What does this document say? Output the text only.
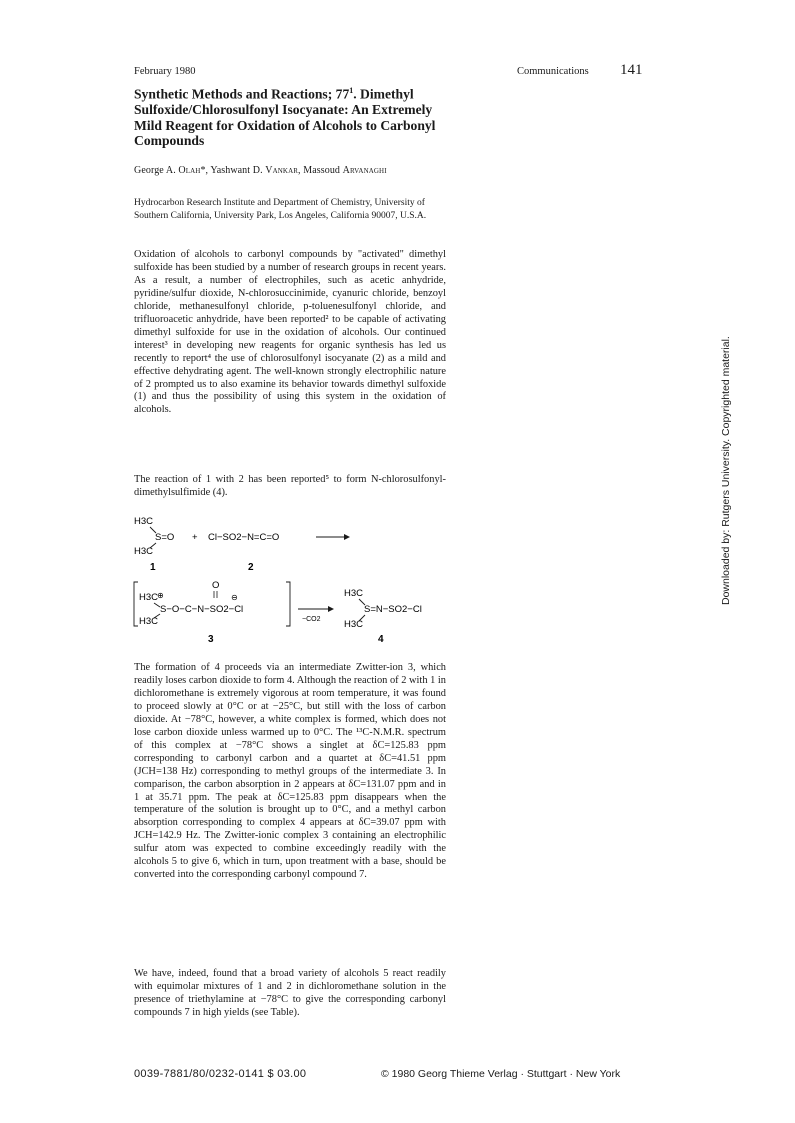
February 1980	Communications 141
Synthetic Methods and Reactions; $77^1$. Dimethyl Sulfoxide/Chlorosulfonyl Isocyanate: An Extremely Mild Reagent for Oxidation of Alcohols to Carbonyl Compounds
George A. Olah*, Yashwant D. Vankar, Massoud Arvanaghi
Hydrocarbon Research Institute and Department of Chemistry, University of Southern California, University Park, Los Angeles, California 90007, U.S.A.

Oxidation of alcohols to carbonyl compounds by "activated" dimethyl sulfoxide has been studied by a number of research groups in recent years. As a result, a number of electrophiles, such as acetic anhydride, pyridine/sulfur dioxide, N-chlorosuccinimide, cyanuric chloride, benzoyl chloride, methanesulfonyl chloride, p-toluenesulfonyl chloride, and trifluoroacetic anhydride, have been reported² to be capable of activating dimethyl sulfoxide for use in the oxidation of alcohols. Our continued interest³ in developing new reagents for organic synthesis has led us recently to report⁴ the use of chlorosulfonyl isocyanate (2) as a mild and effective dehydrating agent. The well-known strongly electrophilic nature of 2 prompted us to also examine its behavior towards dimethyl sulfoxide (1) and thus the possibility of using this system in the oxidation of alcohols.

The reaction of 1 with 2 has been reported⁵ to form N-chlorosulfonyl-dimethylsulfimide (4).

H3C
S=O
H3C
+ Cl−SO2−N=C=O
1	2
H3C
⊕
O
⊖
S−O−C−N−SO2−Cl
H3C
3
−CO2
H3C
S=N−SO2−Cl
H3C
4

The formation of 4 proceeds via an intermediate Zwitter-ion 3, which readily loses carbon dioxide to form 4. Although the reaction of 2 with 1 in dichloromethane is extremely vigorous at room temperature, it was found to proceed slowly at 0°C or at −25°C, but still with the loss of carbon dioxide. At −78°C, however, a white complex is formed, which does not lose carbon dioxide unless warmed up to 0°C. The ¹³C-N.M.R. spectrum of this complex at −78°C shows a singlet at δC=125.83 ppm corresponding to carbonyl carbon and a quartet at δC=41.51 ppm (JCH=138 Hz) corresponding to methyl groups of the intermediate 3. In comparison, the carbon absorption in 2 appears at δC=131.07 ppm and in 1 at 35.71 ppm. The peak at δC=125.83 ppm disappears when the temperature of the solution is brought up to 0°C, and a methyl carbon absorption corresponding to complex 4 appears at δC=39.07 ppm with JCH=142.9 Hz. The Zwitter-ionic complex 3 containing an electrophilic sulfur atom was expected to combine exceedingly readily with the alcohols 5 to give 6, which in turn, upon treatment with a base, should be converted into the corresponding carbonyl compound 7.

We have, indeed, found that a broad variety of alcohols 5 react readily with equimolar mixtures of 1 and 2 in dichloromethane solution in the presence of triethylamine at −78°C to give the corresponding carbonyl compounds 7 in high yields (see Table).

0039-7881/80/0232-0141 $ 03.00	© 1980 Georg Thieme Verlag · Stuttgart · New York
Downloaded by: Rutgers University. Copyrighted material.
